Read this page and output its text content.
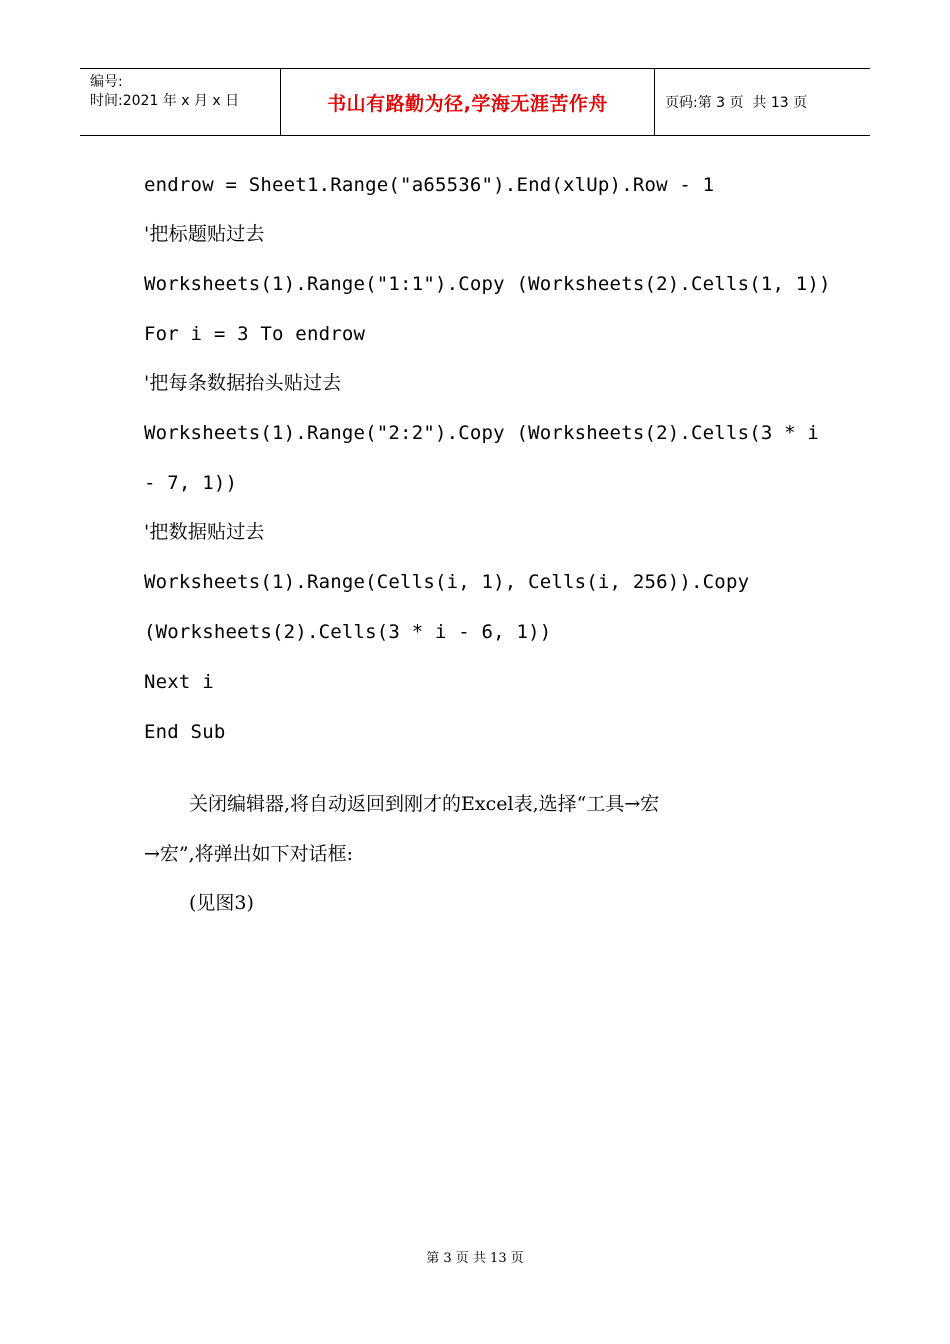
编号:
时间:2021 年 x 月 x 日	书山有路勤为径,学海无涯苦作舟	页码:第 3 页  共 13 页
endrow = Sheet1.Range("a65536").End(xlUp).Row - 1
'把标题贴过去
Worksheets(1).Range("1:1").Copy (Worksheets(2).Cells(1, 1))
For i = 3 To endrow
'把每条数据抬头贴过去
Worksheets(1).Range("2:2").Copy (Worksheets(2).Cells(3 * i
- 7, 1))
'把数据贴过去
Worksheets(1).Range(Cells(i, 1), Cells(i, 256)).Copy
(Worksheets(2).Cells(3 * i - 6, 1))
Next i
End Sub
关闭编辑器,将自动返回到刚才的Excel表,选择“工具→宏
→宏”,将弹出如下对话框:
(见图3)
第 3 页 共 13 页
